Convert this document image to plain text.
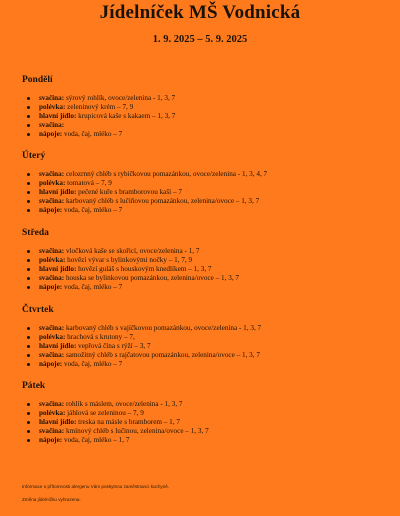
Jídelníček MŠ Vodnická
1. 9. 2025 – 5. 9. 2025
Pondělí
svačina: sýrový rohlík, ovoce/zelenina - 1, 3, 7
polévka: zeleninový krém – 7, 9
hlavní jídlo: krupicová kaše s kakaem – 1, 3, 7
svačina:
nápoje: voda, čaj, mléko – 7
Úterý
svačina: celozrnný chléb s rybičkovou pomazánkou, ovoce/zelenina - 1, 3, 4, 7
polévka: tomatová – 7, 9
hlavní jídlo: pečené kuře s bramborovou kaší – 7
svačina: karbovaný chléb s lučiňovou pomazánkou, zelenina/ovoce – 1, 3, 7
nápoje: voda, čaj, mléko – 7
Středa
svačina: vločková kaše se skořicí, ovoce/zelenina - 1, 7
polévka: hovězí vývar s bylinkovými nočky – 1, 7, 9
hlavní jídlo: hovězí guláš s houskovým knedlíkem – 1, 3, 7
svačina: houska se bylinkovou pomazánkou, zelenina/ovoce – 1, 3, 7
nápoje: voda, čaj, mléko – 7
Čtvrtek
svačina: karbovaný chléb s vajíčkovou pomazánkou, ovoce/zelenina - 1, 3, 7
polévka: hrachová s krutony – 7,
hlavní jídlo: vepřová čína s rýží – 3, 7
svačina: samožitný chléb s rajčatovou pomazánkou, zelenina/ovoce – 1, 3, 7
nápoje: voda, čaj, mléko – 7
Pátek
svačina: rohlík s máslem, ovoce/zelenina - 1, 3, 7
polévka: jáhlová se zeleninou – 7, 9
hlavní jídlo: treska na másle s bramborem – 1, 7
svačina: kmínový chléb s lučinou, zelenina/ovoce – 1, 3, 7
nápoje: voda, čaj, mléko – 1, 7
Informace o přítomnosti alergenu Vám poskytnou zaměstnanci kuchyně.
Změna jídelníčku vyhrazena.
